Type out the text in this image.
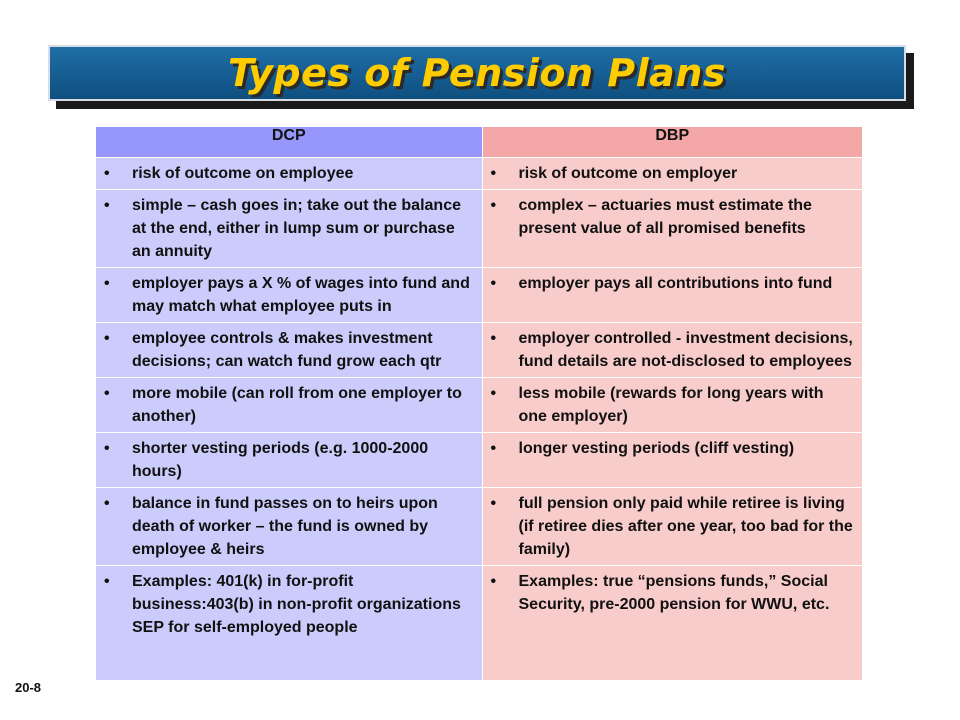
Types of Pension Plans
DCP	DBP

• risk of outcome on employee	• risk of outcome on employer

• simple – cash goes in; take out the balance at the end, either in lump sum or purchase an annuity	• complex – actuaries must estimate the present value of all promised benefits

• employer pays a X % of wages into fund and may match what employee puts in	• employer pays all contributions into fund

• employee controls & makes investment decisions; can watch fund grow each qtr	• employer controlled - investment decisions, fund details are not-disclosed to employees

• more mobile (can roll from one employer to another)	• less mobile (rewards for long years with one employer)

• shorter vesting periods (e.g. 1000-2000 hours)	• longer vesting periods (cliff vesting)

• balance in fund passes on to heirs upon death of worker – the fund is owned by employee & heirs	• full pension only paid while retiree is living (if retiree dies after one year, too bad for the family)

• Examples: 401(k) in for-profit business:403(b) in non-profit organizations SEP for self-employed people	• Examples: true “pensions funds,” Social Security, pre-2000 pension for WWU, etc.
20-8
